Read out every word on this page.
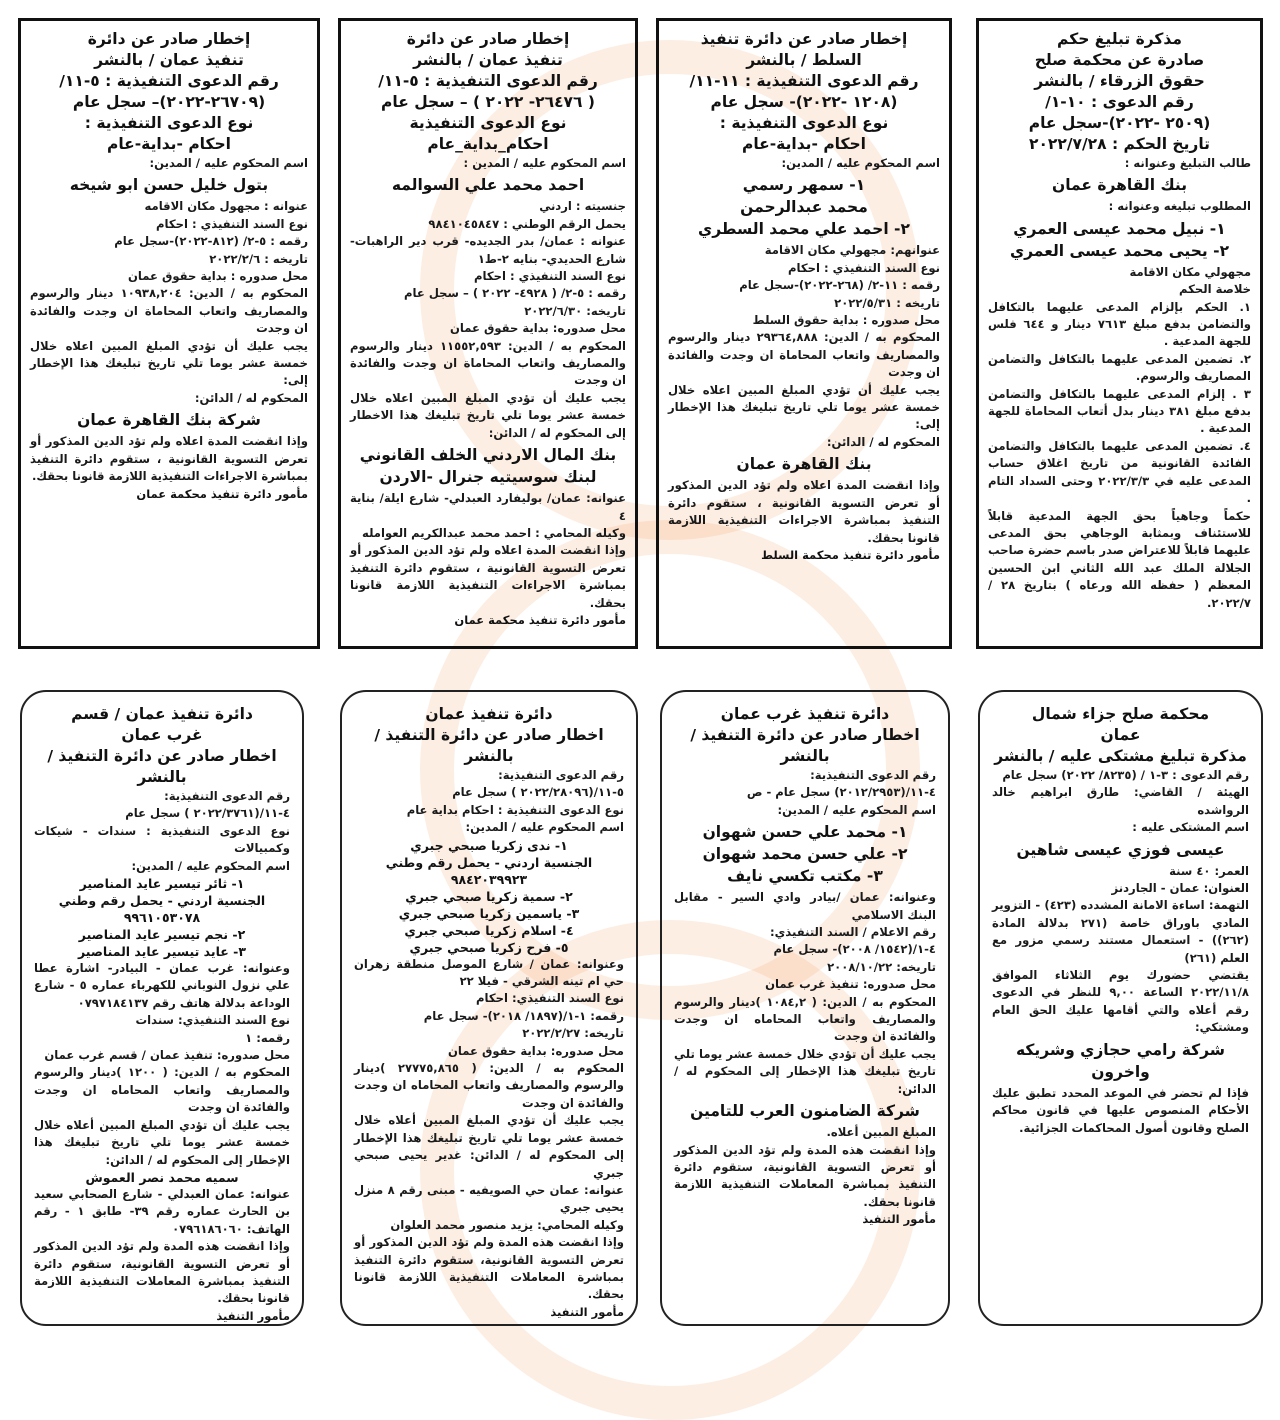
مذكرة تبليغ حكم
صادرة عن محكمة صلح
حقوق الزرقاء / بالنشر
رقم الدعوى : ١٠-١/
(٢٥٠٩ -٢٠٢٢)-سجل عام
تاريخ الحكم : ٢٠٢٢/٧/٢٨
طالب التبليغ وعنوانه :
بنك القاهرة عمان
المطلوب تبليغه وعنوانه :
١- نبيل محمد عيسى العمري
٢- يحيى محمد عيسى العمري
مجهولي مكان الاقامة
خلاصة الحكم
١. الحكم بإلزام المدعى عليهما بالتكافل والتضامن بدفع مبلغ ٧٦١٣ دينار و ٦٤٤ فلس للجهة المدعية .
٢. تضمين المدعى عليهما بالتكافل والتضامن المصاريف والرسوم.
٣ . إلزام المدعى عليهما بالتكافل والتضامن بدفع مبلغ ٣٨١ دينار بدل أتعاب المحاماة للجهة المدعية .
٤. تضمين المدعى عليهما بالتكافل والتضامن الفائدة القانونية من تاريخ اغلاق حساب المدعى عليه في ٢٠٢٢/٣/٣ وحتى السداد التام .
حكماً وجاهياً بحق الجهة المدعية قابلاً للاستئناف وبمثابة الوجاهي بحق المدعى عليهما قابلاً للاعتراض صدر باسم حضرة صاحب الجلالة الملك عبد الله الثاني ابن الحسين المعظم ( حفظه الله ورعاه ) بتاريخ ٢٨ /٢٠٢٢/٧.
إخطار صادر عن دائرة تنفيذ
السلط / بالنشر
رقم الدعوى التنفيذية : ١١-١١/
(١٢٠٨ -٢٠٢٢)- سجل عام
نوع الدعوى التنفيذية :
احكام -بداية-عام
اسم المحكوم عليه / المدين:
١- سمهر رسمي
محمد عبدالرحمن
٢- احمد علي محمد السطري
عنوانهم: مجهولي مكان الاقامة
نوع السند التنفيذي : احكام
رقمه : ١١-٢/ (٢٦٨-٢٠٢٢)-سجل عام
تاريخه : ٢٠٢٢/٥/٣١
محل صدوره : بداية حقوق السلط
المحكوم به / الدين: ٢٩٣٦٤,٨٨٨ دينار والرسوم والمصاريف واتعاب المحاماة ان وجدت والفائدة ان وجدت
يجب عليك أن تؤدي المبلغ المبين اعلاه خلال خمسة عشر يوما تلي تاريخ تبليغك هذا الإخطار إلى:
المحكوم له / الدائن:
بنك القاهرة عمان
وإذا انقضت المدة اعلاه ولم تؤد الدين المذكور أو تعرض التسوية القانونية ، ستقوم دائرة التنفيذ بمباشرة الاجراءات التنفيذية اللازمة قانونا بحقك.
مأمور دائرة تنفيذ محكمة السلط
إخطار صادر عن دائرة
تنفيذ عمان / بالنشر
رقم الدعوى التنفيذية : ٥-١١/
( ٢٦٤٧٦- ٢٠٢٢ ) – سجل عام
نوع الدعوى التنفيذية
احكام_بداية_عام
اسم المحكوم عليه / المدين :
احمد محمد علي السوالمه
جنسيته : اردني
يحمل الرقم الوطني : ٩٨٤١٠٤٥٨٤٧
عنوانه : عمان/ بدر الجديده- قرب دير الراهبات- شارع الحديدي- بنايه ٢-ط١
نوع السند التنفيذي : احكام
رقمه : ٥-٢/ ( ٤٩٢٨- ٢٠٢٢ ) – سجل عام
تاريخه: ٢٠٢٢/٦/٣٠
محل صدوره: بداية حقوق عمان
المحكوم به / الدين: ١١٥٥٢,٥٩٣ دينار والرسوم والمصاريف واتعاب المحاماة ان وجدت والفائدة ان وجدت
يجب عليك أن تؤدي المبلغ المبين اعلاه خلال خمسة عشر يوما تلي تاريخ تبليغك هذا الاخطار إلى المحكوم له / الدائن:
بنك المال الاردني الخلف القانوني
لبنك سوسيتيه جنرال -الاردن
عنوانه: عمان/ بوليفارد العبدلي- شارع ايلة/ بناية ٤
وكيله المحامي : احمد محمد عبدالكريم العوامله
وإذا انقضت المدة اعلاه ولم تؤد الدين المذكور أو تعرض التسوية القانونية ، ستقوم دائرة التنفيذ بمباشرة الاجراءات التنفيذية اللازمة قانونا بحقك.
مأمور دائرة تنفيذ محكمة عمان
إخطار صادر عن دائرة
تنفيذ عمان / بالنشر
رقم الدعوى التنفيذية : ٥-١١/
(٢٦٧٠٩-٢٠٢٢)– سجل عام
نوع الدعوى التنفيذية :
احكام -بداية-عام
اسم المحكوم عليه / المدين:
بتول خليل حسن ابو شيخه
عنوانه : مجهول مكان الاقامه
نوع السند التنفيذي : احكام
رقمه : ٥-٢/ (٨١٢-٢٠٢٢)-سجل عام
تاريخه : ٢٠٢٢/٢/٦
محل صدوره : بداية حقوق عمان
المحكوم به / الدين: ١٠٩٣٨,٢٠٤ دينار والرسوم والمصاريف واتعاب المحاماة ان وجدت والفائدة ان وجدت
يجب عليك أن تؤدي المبلغ المبين اعلاه خلال خمسة عشر يوما تلي تاريخ تبليغك هذا الإخطار إلى:
المحكوم له / الدائن:
شركة بنك القاهرة عمان
وإذا انقضت المدة اعلاه ولم تؤد الدين المذكور أو تعرض التسوية القانونية ، ستقوم دائرة التنفيذ بمباشرة الاجراءات التنفيذية اللازمة قانونا بحقك.
مأمور دائرة تنفيذ محكمة عمان
محكمة صلح جزاء شمال
عمان
مذكرة تبليغ مشتكى عليه / بالنشر
رقم الدعوى : ٣-١ / (٨٢٣٥/ ٢٠٢٢) سجل عام
الهيئة / القاضي: طارق ابراهيم خالد الرواشده
اسم المشتكى عليه :
عيسى فوزي عيسى شاهين
العمر: ٤٠ سنة
العنوان: عمان - الجاردنز
التهمة: اساءة الامانة المشدده (٤٢٣) - التزوير المادي باوراق خاصة (٢٧١ بدلالة المادة (٢٦٢)) - استعمال مستند رسمي مزور مع العلم (٢٦١)
يقتضي حضورك يوم الثلاثاء الموافق ٢٠٢٢/١١/٨ الساعة ٩,٠٠ للنظر في الدعوى رقم أعلاه والتي أقامها عليك الحق العام ومشتكي:
شركة رامي حجازي وشريكه واخرون
فإذا لم تحضر في الموعد المحدد تطبق عليك الأحكام المنصوص عليها في قانون محاكم الصلح وقانون أصول المحاكمات الجزائية.
دائرة تنفيذ غرب عمان
اخطار صادر عن دائرة التنفيذ / بالنشر
رقم الدعوى التنفيذية:
٤-١١/(٢٠١٢/٢٩٥٣) سجل عام - ص
اسم المحكوم عليه / المدين:
١- محمد علي حسن شهوان
٢- علي حسن محمد شهوان
٣- مكتب تكسي نايف
وعنوانه: عمان /بيادر وادي السير - مقابل البنك الاسلامي
رقم الاعلام / السند التنفيذي:
٤-١/(١٥٤٢/ ٢٠٠٨)- سجل عام
تاريخه: ٢٠٠٨/١٠/٢٢
محل صدوره: تنفيذ غرب عمان
المحكوم به / الدين: ( ١٠٨٤,٢ )دينار والرسوم والمصاريف واتعاب المحاماه ان وجدت والفائدة ان وجدت
يجب عليك أن تؤدي خلال خمسة عشر يوما تلي تاريخ تبليغك هذا الإخطار إلى المحكوم له / الدائن:
شركة الضامنون العرب للتامين
المبلغ المبين أعلاه.
وإذا انقضت هذه المدة ولم تؤد الدين المذكور أو تعرض التسوية القانونية، ستقوم دائرة التنفيذ بمباشرة المعاملات التنفيذية اللازمة قانونا بحقك.
مأمور التنفيذ
دائرة تنفيذ عمان
اخطار صادر عن دائرة التنفيذ / بالنشر
رقم الدعوى التنفيذية:
٥-١١/(٢٠٢٢/٢٨٠٩٦ ) سجل عام
نوع الدعوى التنفيذية : احكام بداية عام
اسم المحكوم عليه / المدين:
١- ندى زكريا صبحي جبري
الجنسية اردني - يحمل رقم وطني ٩٨٤٢٠٣٩٩٢٣
٢- سمية زكريا صبحي جبري
٣- ياسمين زكريا صبحي جبري
٤- اسلام زكريا صبحي جبري
٥- فرح زكريا صبحي جبري
وعنوانه: عمان / شارع الموصل منطقة زهران حي ام تينه الشرقي - فيلا ٢٢
نوع السند التنفيذي: احكام
رقمه: ١-١/(١٨٩٧/ ٢٠١٨)- سجل عام
تاريخه: ٢٠٢٢/٢/٢٧
محل صدوره: بداية حقوق عمان
المحكوم به / الدين: ( ٢٧٧٧٥,٨٦٥ )دينار والرسوم والمصاريف واتعاب المحاماه ان وجدت والفائدة ان وجدت
يجب عليك أن تؤدي المبلغ المبين أعلاه خلال خمسة عشر يوما تلي تاريخ تبليغك هذا الإخطار إلى المحكوم له / الدائن: غدير يحيى صبحي جبري
عنوانه: عمان حي الصويفيه - مبنى رقم ٨ منزل يحيى جبري
وكيله المحامي: يزيد منصور محمد العلوان
وإذا انقضت هذه المدة ولم تؤد الدين المذكور أو تعرض التسوية القانونية، ستقوم دائرة التنفيذ بمباشرة المعاملات التنفيذية اللازمة قانونا بحقك.
مأمور التنفيذ
دائرة تنفيذ عمان / قسم
غرب عمان
اخطار صادر عن دائرة التنفيذ / بالنشر
رقم الدعوى التنفيذية:
٤-١١/(٢٠٢٢/٣٧٦١ ) سجل عام
نوع الدعوى التنفيذية : سندات - شيكات وكمبيالات
اسم المحكوم عليه / المدين:
١- ثائر تيسير عايد المناصير
الجنسية اردني - يحمل رقم وطني ٩٩٦١٠٥٣٠٧٨
٢- نجم تيسير عايد المناصير
٣- عايد تيسير عايد المناصير
وعنوانه: غرب عمان - البيادر- اشارة عطا علي نزول النوباني للكهرباء عماره ٥ - شارع الوداعة بدلالة هاتف رقم ٠٧٩٧١٨٤١٣٧
نوع السند التنفيذي: سندات
رقمه: ١
محل صدوره: تنفيذ عمان / قسم غرب عمان
المحكوم به / الدين: ( ١٢٠٠ )دينار والرسوم والمصاريف واتعاب المحاماه ان وجدت والفائدة ان وجدت
يجب عليك أن تؤدي المبلغ المبين أعلاه خلال خمسة عشر يوما تلي تاريخ تبليغك هذا الإخطار إلى المحكوم له / الدائن:
سميه محمد نصر العموش
عنوانه: عمان العبدلي - شارع الصحابي سعيد بن الحارث عماره رقم ٣٩- طابق ١ - رقم الهاتف: ٠٧٩٦١٨٦٠٦٠
وإذا انقضت هذه المدة ولم تؤد الدين المذكور أو تعرض التسوية القانونية، ستقوم دائرة التنفيذ بمباشرة المعاملات التنفيذية اللازمة قانونا بحقك.
مأمور التنفيذ
